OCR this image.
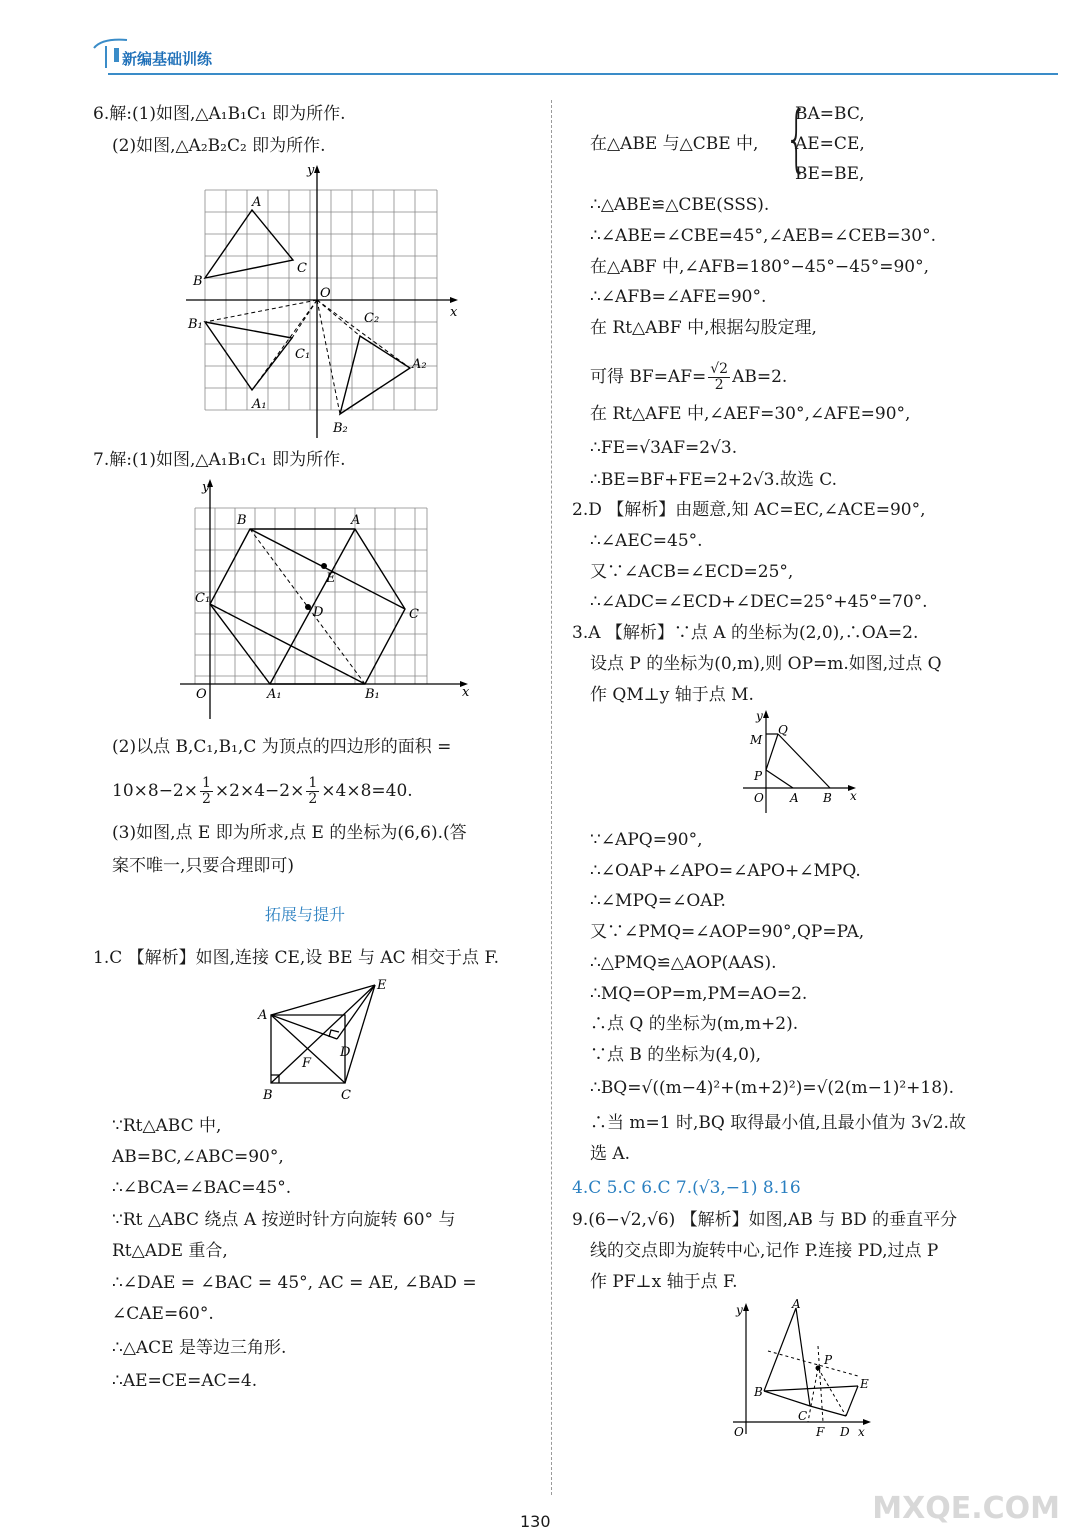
新编基础训练
6.解:(1)如图,△A₁B₁C₁ 即为所作.
(2)如图,△A₂B₂C₂ 即为所作.
y
x
O
A
B
C
A₁
B₁
C₁
A₂
B₂
C₂
7.解:(1)如图,△A₁B₁C₁ 即为所作.
y
x
O
A
B
C
C₁
A₁	B₁
D
E
(2)以点 B,C₁,B₁,C 为顶点的四边形的面积 =
$10\times 8-2\times \frac{1}{2} \times 2\times 4-2\times \frac{1}{2} \times 4\times 8=40$.
(3)如图,点 E 即为所求,点 E 的坐标为(6,6).(答
案不唯一,只要合理即可)
拓展与提升
1.C 【解析】如图,连接 CE,设 BE 与 AC 相交于点 F.
A
B	C
D
E
F
∵Rt△ABC 中,
AB=BC,∠ABC=90°,
∴∠BCA=∠BAC=45°.
∵Rt △ABC 绕点 A 按逆时针方向旋转 60° 与
Rt△ADE 重合,
∴∠DAE = ∠BAC = 45°, AC = AE, ∠BAD =
∠CAE=60°.
∴△ACE 是等边三角形.
∴AE=CE=AC=4.
在△ABE 与△CBE 中, {
BA=BC,
AE=CE,
BE=BE,
∴△ABE≌△CBE(SSS).
∴∠ABE=∠CBE=45°,∠AEB=∠CEB=30°.
在△ABF 中,∠AFB=180°−45°−45°=90°,
∴∠AFB=∠AFE=90°.
在 Rt△ABF 中,根据勾股定理,
可得 $BF=AF= \frac{√2}{2} AB=2$.
在 Rt△AFE 中,∠AEF=30°,∠AFE=90°,
∴FE=√3AF=2√3.
∴BE=BF+FE=2+2√3.故选 C.
2.D 【解析】由题意,知 AC=EC,∠ACE=90°,
∴∠AEC=45°.
又∵∠ACB=∠ECD=25°,
∴∠ADC=∠ECD+∠DEC=25°+45°=70°.
3.A 【解析】∵点 A 的坐标为(2,0),∴OA=2.
设点 P 的坐标为(0,m),则 OP=m.如图,过点 Q
作 QM⊥y 轴于点 M.
y
x
O A B
P
Q
M
∵∠APQ=90°,
∴∠OAP+∠APO=∠APO+∠MPQ.
∴∠MPQ=∠OAP.
又∵∠PMQ=∠AOP=90°,QP=PA,
∴△PMQ≌△AOP(AAS).
∴MQ=OP=m,PM=AO=2.
∴点 Q 的坐标为(m,m+2).
∵点 B 的坐标为(4,0),
∴BQ=√((m−4)²+(m+2)²)=√(2(m−1)²+18).
∴当 m=1 时,BQ 取得最小值,且最小值为 3√2.故
选 A.
4.C 5.C 6.C 7.(√3,−1) 8.16
9.(6−√2,√6) 【解析】如图,AB 与 BD 的垂直平分
线的交点即为旋转中心,记作 P.连接 PD,过点 P
作 PF⊥x 轴于点 F.
y
x
O
A
B
C
D
E
F
P
130	MXQE.COM
